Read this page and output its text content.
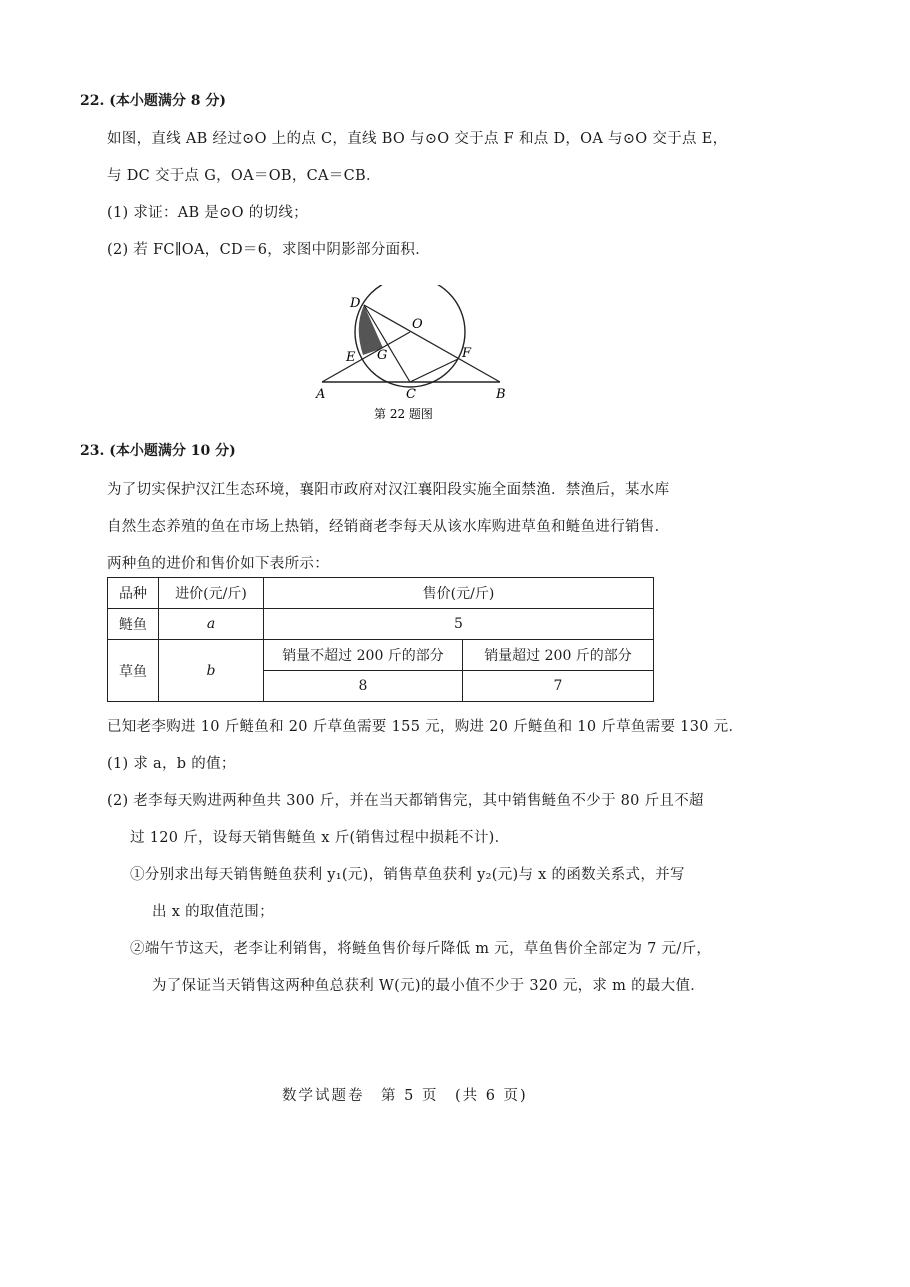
22. (本小题满分 8 分)
如图，直线 AB 经过⊙O 上的点 C，直线 BO 与⊙O 交于点 F 和点 D，OA 与⊙O 交于点 E，
与 DC 交于点 G，OA＝OB，CA＝CB．
(1) 求证：AB 是⊙O 的切线；
(2) 若 FC∥OA，CD＝6，求图中阴影部分面积．
D
O
E G	F
A	C	B
第 22 题图
23. (本小题满分 10 分)
为了切实保护汉江生态环境，襄阳市政府对汉江襄阳段实施全面禁渔．禁渔后，某水库
自然生态养殖的鱼在市场上热销，经销商老李每天从该水库购进草鱼和鲢鱼进行销售．
两种鱼的进价和售价如下表所示：
品种	进价(元/斤)	售价(元/斤)	
鲢鱼	a	5	
草鱼	b	销量不超过 200 斤的部分	销量超过 200 斤的部分
		8	7
已知老李购进 10 斤鲢鱼和 20 斤草鱼需要 155 元，购进 20 斤鲢鱼和 10 斤草鱼需要 130 元．
(1) 求 a，b 的值；
(2) 老李每天购进两种鱼共 300 斤，并在当天都销售完，其中销售鲢鱼不少于 80 斤且不超
过 120 斤，设每天销售鲢鱼 x 斤(销售过程中损耗不计)．
①分别求出每天销售鲢鱼获利 y₁(元)，销售草鱼获利 y₂(元)与 x 的函数关系式，并写
出 x 的取值范围；
②端午节这天，老李让利销售，将鲢鱼售价每斤降低 m 元，草鱼售价全部定为 7 元/斤，
为了保证当天销售这两种鱼总获利 W(元)的最小值不少于 320 元，求 m 的最大值．
数学试题卷　第 5 页　(共 6 页)
